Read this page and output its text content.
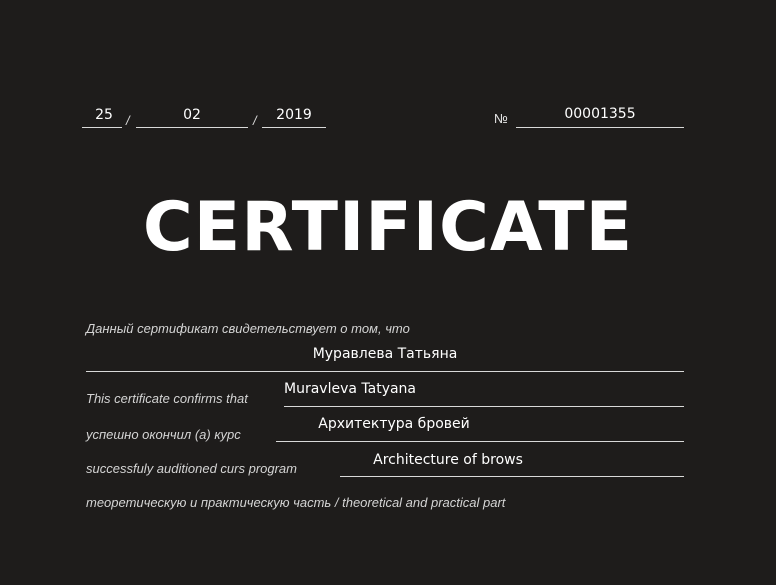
25	/	02	/	2019	№	00001355
CERTIFICATE
Данный сертификат свидетельствует о том, что
Муравлева Татьяна
This certificate confirms that
Muravleva Tatyana
успешно окончил (а) курс
Архитектура бровей
successfuly auditioned curs program
Architecture of brows
теоретическую и практическую часть / theoretical and practical part
